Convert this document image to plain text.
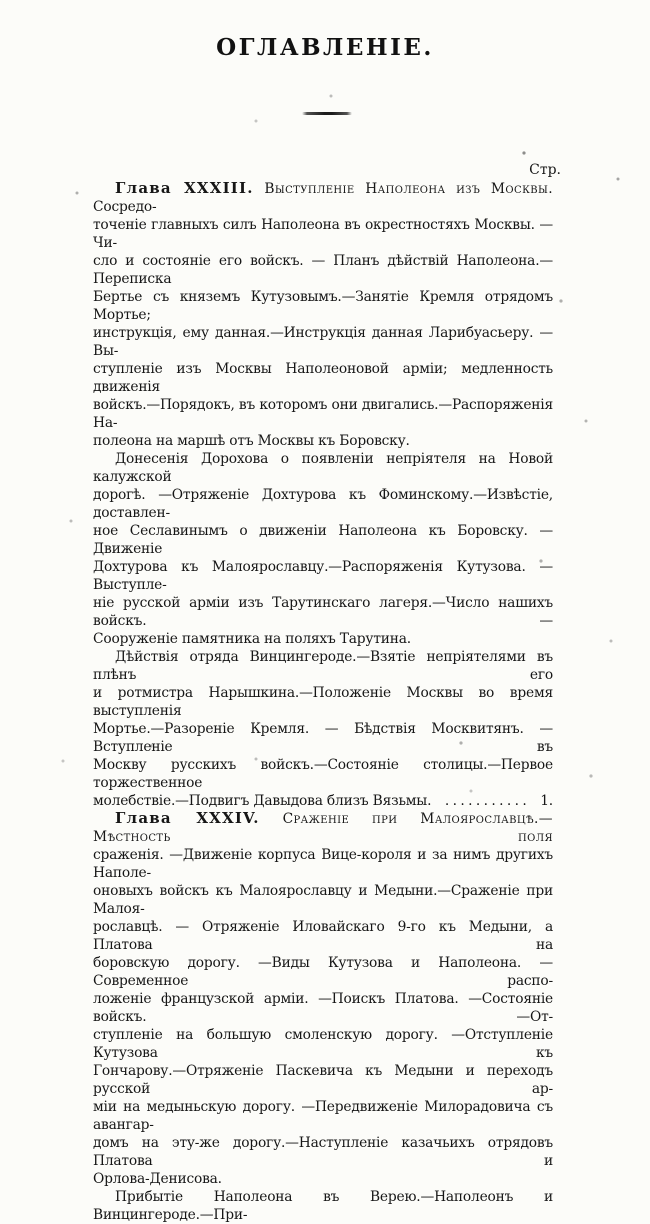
ОГЛАВЛЕНІЕ.
Стр.
Глава XXXIII. Выступленіе Наполеона изъ Москвы. Сосредо-
точеніе главныхъ силъ Наполеона въ окрестностяхъ Москвы. — Чи-
сло и состояніе его войскъ. — Планъ дѣйствій Наполеона.—Переписка
Бертье съ княземъ Кутузовымъ.—Занятіе Кремля отрядомъ Мортье;
инструкція, ему данная.—Инструкція данная Ларибуасьеру. — Вы-
ступленіе изъ Москвы Наполеоновой арміи; медленность движенія
войскъ.—Порядокъ, въ которомъ они двигались.—Распоряженія На-
полеона на маршѣ отъ Москвы къ Боровску.
Донесенія Дорохова о появленіи непріятеля на Новой калужской
дорогѣ. —Отряженіе Дохтурова къ Фоминскому.—Извѣстіе, доставлен-
ное Сеславинымъ о движеніи Наполеона къ Боровску. — Движеніе
Дохтурова къ Малоярославцу.—Распоряженія Кутузова. — Выступле-
ніе русской арміи изъ Тарутинскаго лагеря.—Число нашихъ войскъ. —
Сооруженіе памятника на поляхъ Тарутина.
Дѣйствія отряда Винцингероде.—Взятіе непріятелями въ плѣнъ его
и ротмистра Нарышкина.—Положеніе Москвы во время выступленія
Мортье.—Разореніе Кремля. — Бѣдствія Москвитянъ. — Вступленіе въ
Москву русскихъ войскъ.—Состояніе столицы.—Первое торжественное
молебствіе.—Подвигъ Давыдова близъ Вязьмы. . . . . . . . . . . . 1.
Глава XXXIV. Сраженіе при Малоярославцѣ.—Мѣстность поля
сраженія. —Движеніе корпуса Вице-короля и за нимъ другихъ Наполе-
оновыхъ войскъ къ Малоярославцу и Медыни.—Сраженіе при Малоя-
рославцѣ. — Отряженіе Иловайскаго 9-го къ Медыни, а Платова на
боровскую дорогу. —Виды Кутузова и Наполеона. —Современное распо-
ложеніе французской арміи. —Поискъ Платова. —Состояніе войскъ. —От-
ступленіе на большую смоленскую дорогу. —Отступленіе Кутузова къ
Гончарову.—Отряженіе Паскевича къ Медыни и переходъ русской ар-
міи на медыньскую дорогу. —Передвиженіе Милорадовича съ авангар-
домъ на эту-же дорогу.—Наступленіе казачьихъ отрядовъ Платова и
Орлова-Денисова.
Прибытіе Наполеона въ Верею.—Наполеонъ и Винцингероде.—При-
